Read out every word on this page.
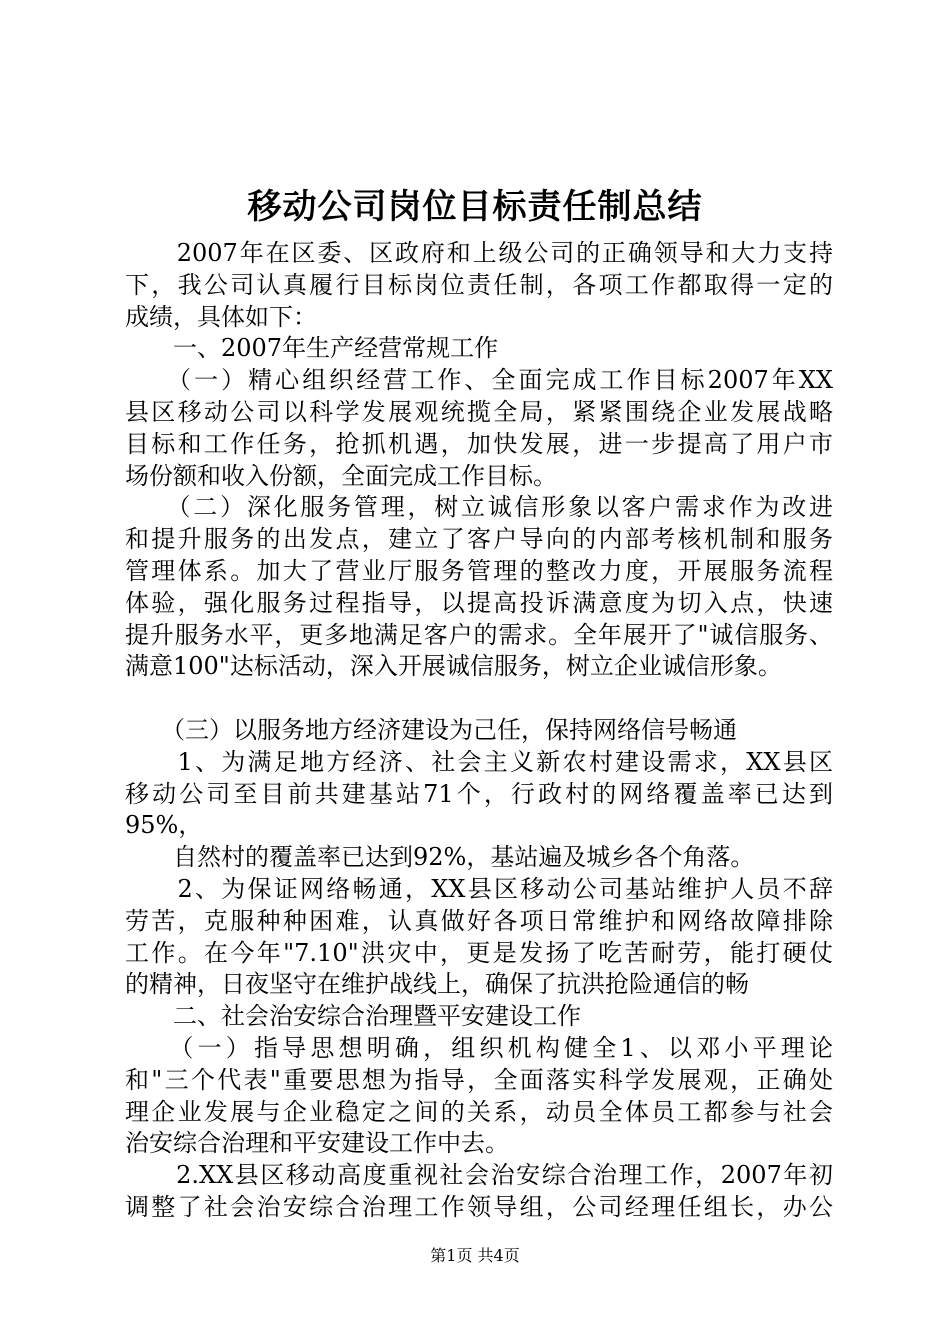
移动公司岗位目标责任制总结
　　2007年在区委、区政府和上级公司的正确领导和大力支持
下，我公司认真履行目标岗位责任制，各项工作都取得一定的
成绩，具体如下：
　　一、2007年生产经营常规工作
　　（一）精心组织经营工作、全面完成工作目标2007年XX
县区移动公司以科学发展观统揽全局，紧紧围绕企业发展战略
目标和工作任务，抢抓机遇，加快发展，进一步提高了用户市
场份额和收入份额，全面完成工作目标。
　　（二）深化服务管理，树立诚信形象以客户需求作为改进
和提升服务的出发点，建立了客户导向的内部考核机制和服务
管理体系。加大了营业厅服务管理的整改力度，开展服务流程
体验，强化服务过程指导，以提高投诉满意度为切入点，快速
提升服务水平，更多地满足客户的需求。全年展开了"诚信服务、
满意100"达标活动，深入开展诚信服务，树立企业诚信形象。
　　（三）以服务地方经济建设为己任，保持网络信号畅通
　　1、为满足地方经济、社会主义新农村建设需求，XX县区
移动公司至目前共建基站71个，行政村的网络覆盖率已达到
95%，
　　自然村的覆盖率已达到92%，基站遍及城乡各个角落。
　　2、为保证网络畅通，XX县区移动公司基站维护人员不辞
劳苦，克服种种困难，认真做好各项日常维护和网络故障排除
工作。在今年"7.10"洪灾中，更是发扬了吃苦耐劳，能打硬仗
的精神，日夜坚守在维护战线上，确保了抗洪抢险通信的畅
　　二、社会治安综合治理暨平安建设工作
　　（一）指导思想明确，组织机构健全1、以邓小平理论
和"三个代表"重要思想为指导，全面落实科学发展观，正确处
理企业发展与企业稳定之间的关系，动员全体员工都参与社会
治安综合治理和平安建设工作中去。
　　2.XX县区移动高度重视社会治安综合治理工作，2007年初
调整了社会治安综合治理工作领导组，公司经理任组长，办公
第1页 共4页
